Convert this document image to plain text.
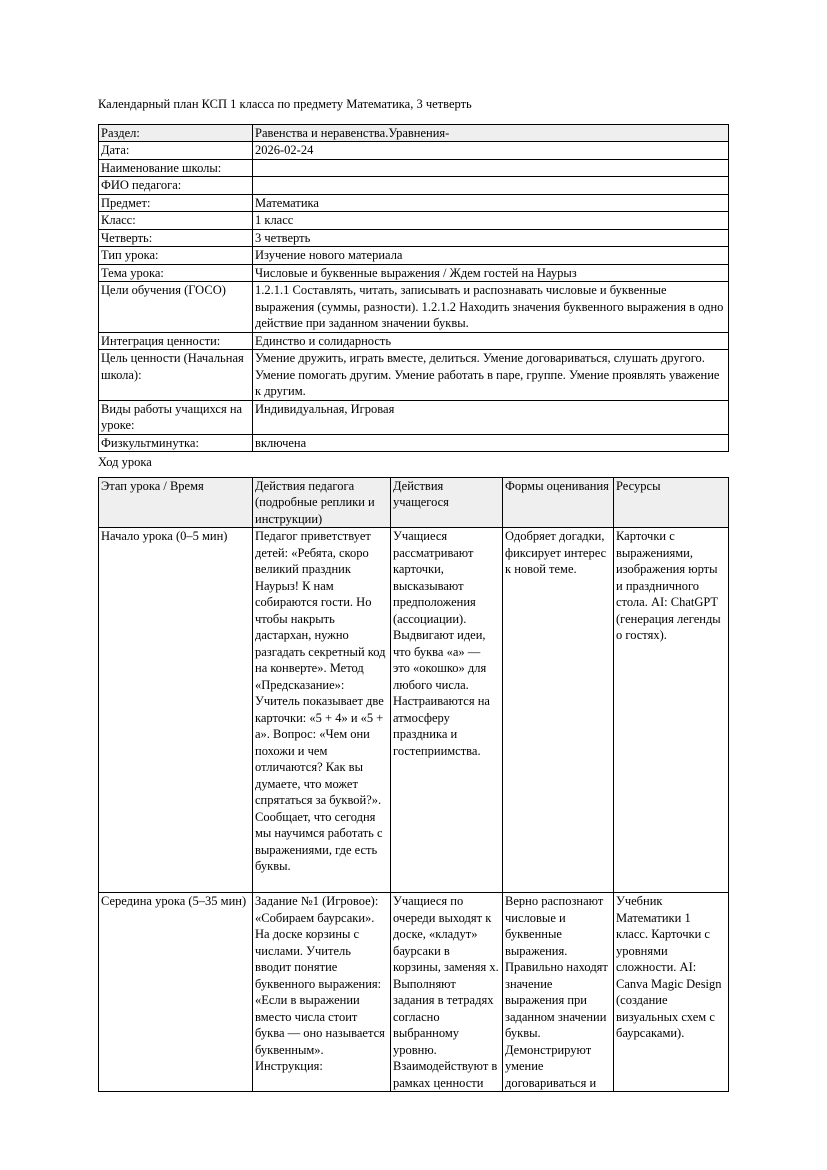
Календарный план КСП 1 класса по предмету Математика, 3 четверть

Раздел:	Равенства и неравенства.Уравнения-
Дата:	2026-02-24
Наименование школы:	
ФИО педагога:	
Предмет:	Математика
Класс:	1 класс
Четверть:	3 четверть
Тип урока:	Изучение нового материала
Тема урока:	Числовые и буквенные выражения / Ждем гостей на Наурыз
Цели обучения (ГОСО)	1.2.1.1 Составлять, читать, записывать и распознавать числовые и буквенные выражения (суммы, разности). 1.2.1.2 Находить значения буквенного выражения в одно действие при заданном значении буквы.
Интеграция ценности:	Единство и солидарность
Цель ценности (Начальная школа):	Умение дружить, играть вместе, делиться. Умение договариваться, слушать другого. Умение помогать другим. Умение работать в паре, группе. Умение проявлять уважение к другим.
Виды работы учащихся на уроке:	Индивидуальная, Игровая
Физкультминутка:	включена

Ход урока

Этап урока / Время	Действия педагога (подробные реплики и инструкции)	Действия учащегося	Формы оценивания	Ресурсы
Начало урока (0–5 мин)	Педагог приветствует детей: «Ребята, скоро великий праздник Наурыз! К нам собираются гости. Но чтобы накрыть дастархан, нужно разгадать секретный код на конверте». Метод «Предсказание»: Учитель показывает две карточки: «5 + 4» и «5 + а». Вопрос: «Чем они похожи и чем отличаются? Как вы думаете, что может спрятаться за буквой?». Сообщает, что сегодня мы научимся работать с выражениями, где есть буквы.	Учащиеся рассматривают карточки, высказывают предположения (ассоциации). Выдвигают идеи, что буква «а» — это «окошко» для любого числа. Настраиваются на атмосферу праздника и гостеприимства.	Одобряет догадки, фиксирует интерес к новой теме.	Карточки с выражениями, изображения юрты и праздничного стола. AI: ChatGPT (генерация легенды о гостях).

Середина урока (5–35 мин)	Задание №1 (Игровое): «Собираем баурсаки». На доске корзины с числами. Учитель вводит понятие буквенного выражения: «Если в выражении вместо числа стоит буква — оно называется буквенным». Инструкция:	Учащиеся по очереди выходят к доске, «кладут» баурсаки в корзины, заменяя х. Выполняют задания в тетрадях согласно выбранному уровню. Взаимодействуют в рамках ценности	Верно распознают числовые и буквенные выражения. Правильно находят значение выражения при заданном значении буквы. Демонстрируют умение договариваться и	Учебник Математики 1 класс. Карточки с уровнями сложности. AI: Canva Magic Design (создание визуальных схем с баурсаками).
